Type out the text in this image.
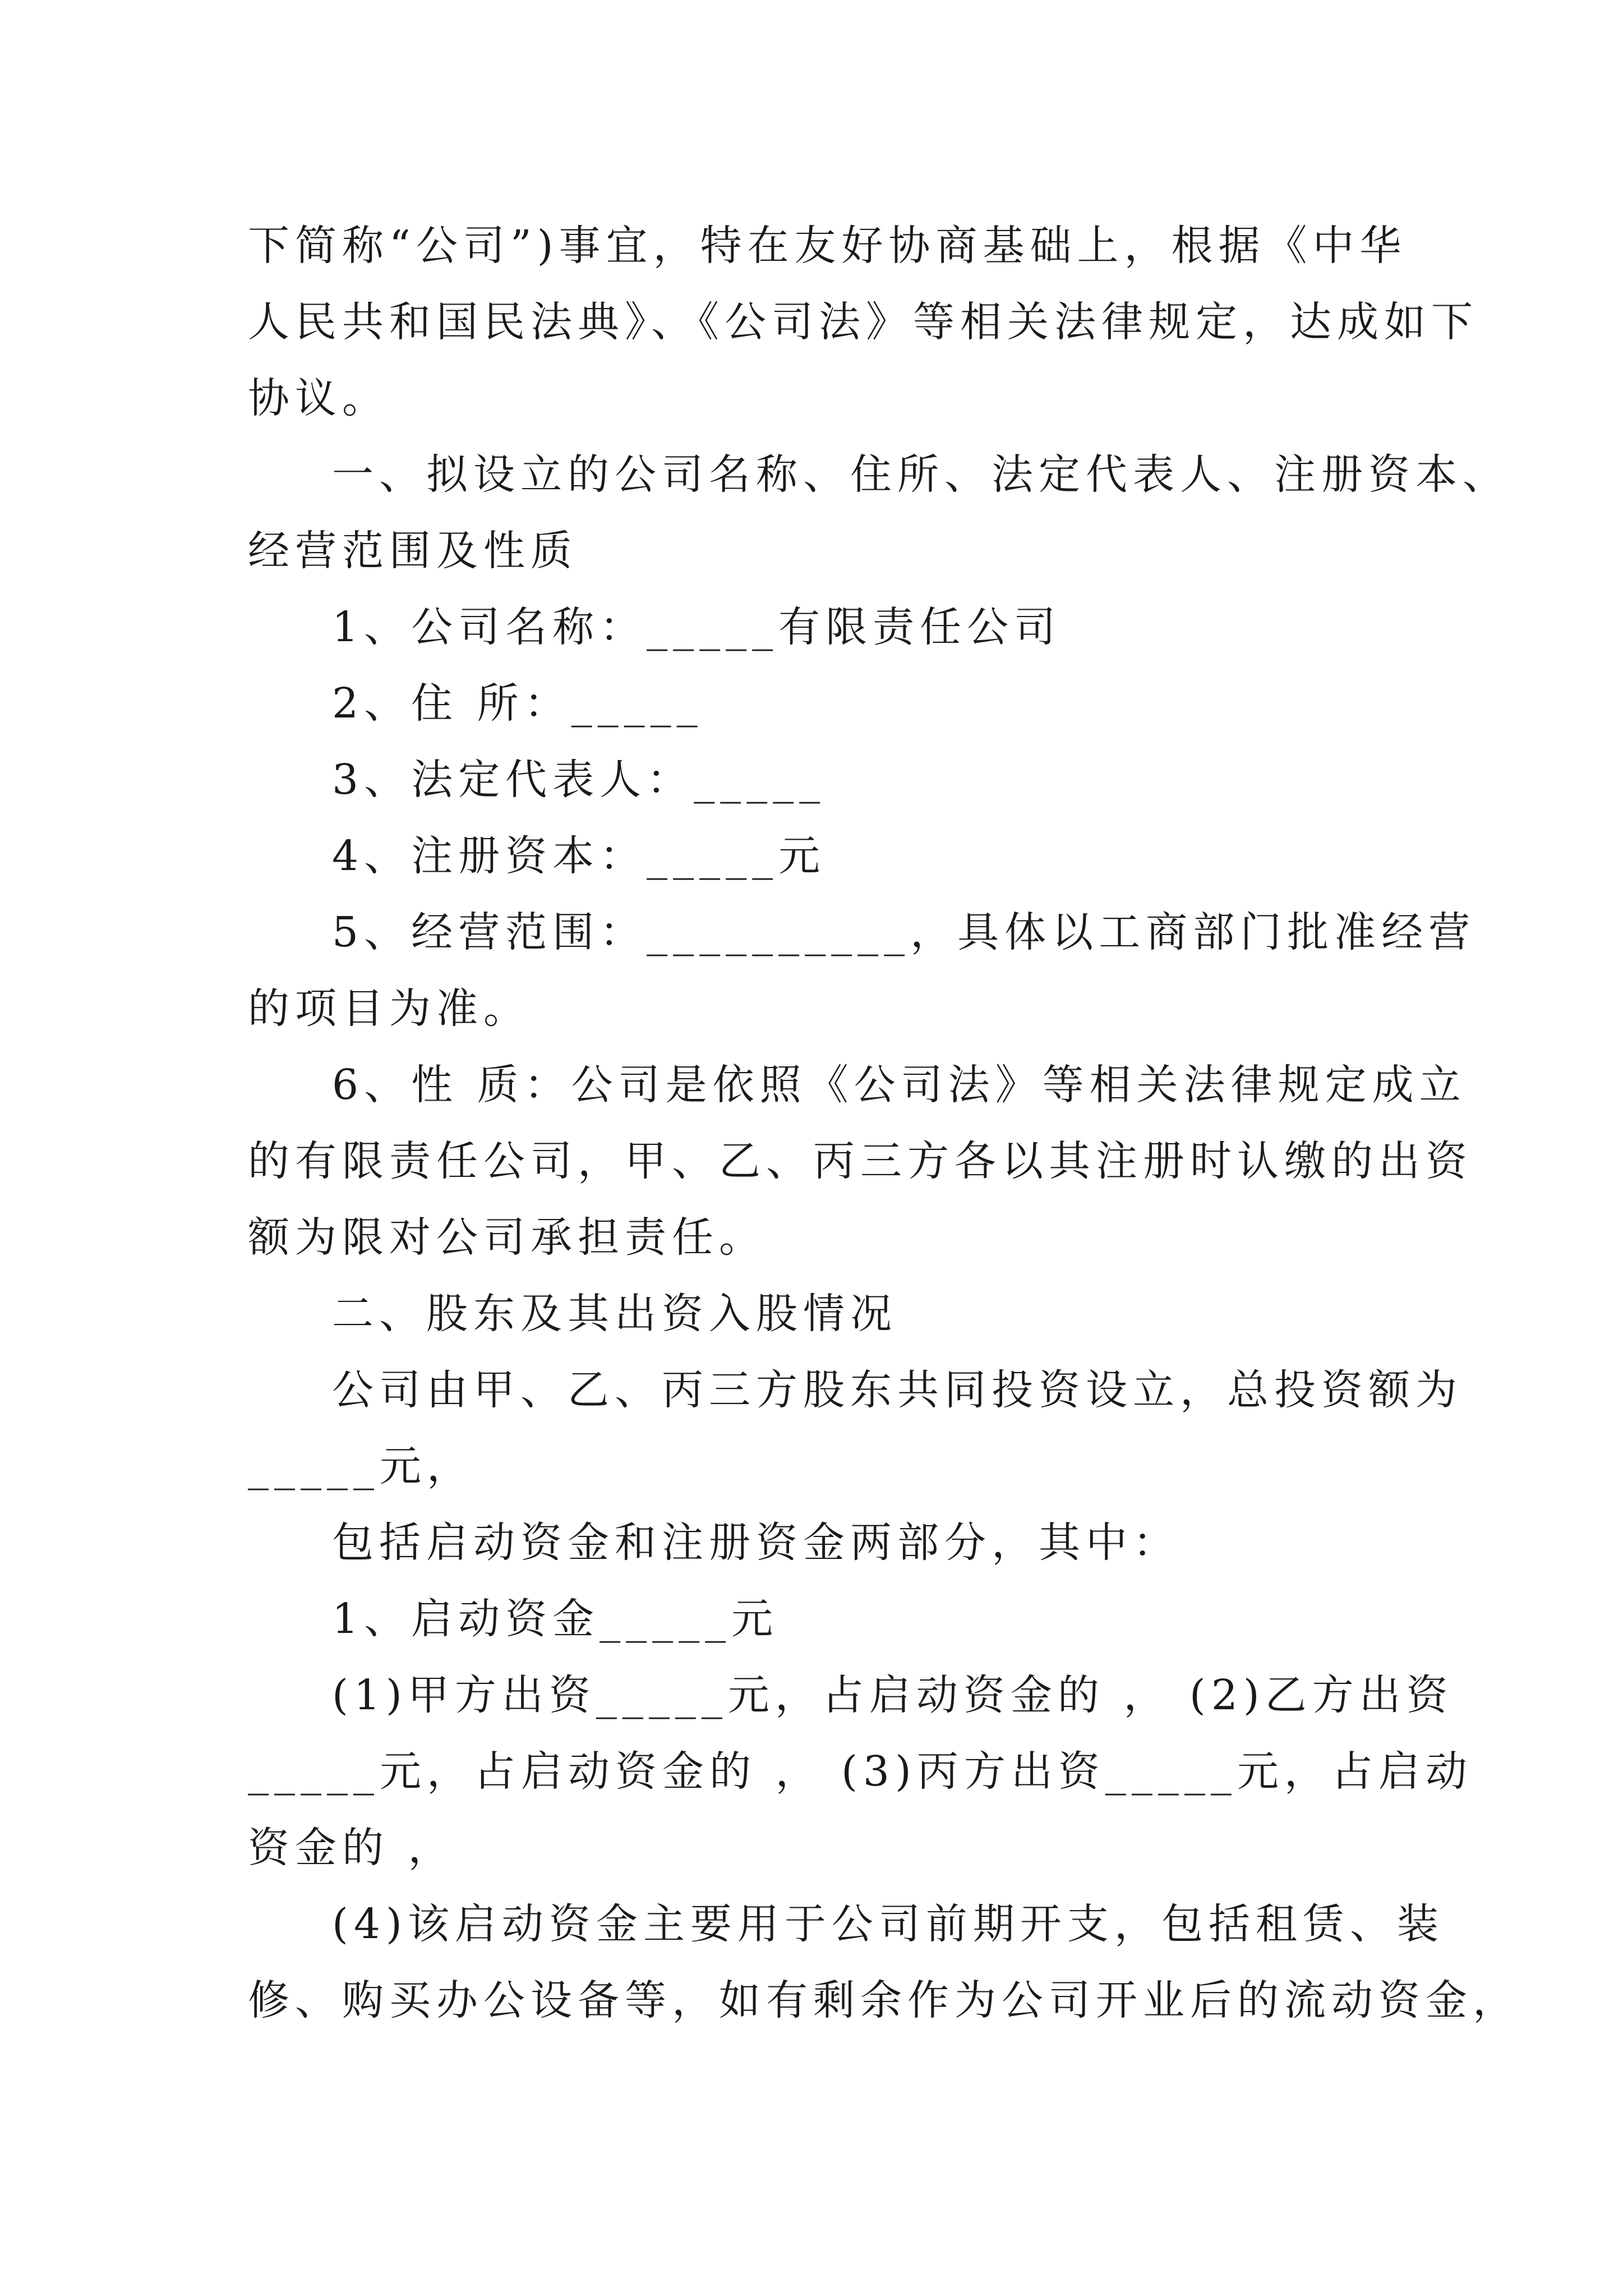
下简称“公司”)事宜，特在友好协商基础上，根据《中华
人民共和国民法典》、《公司法》等相关法律规定，达成如下
协议。
一、拟设立的公司名称、住所、法定代表人、注册资本、
经营范围及性质
1、公司名称：_____有限责任公司
2、住 所：_____
3、法定代表人：_____
4、注册资本：_____元
5、经营范围：__________，具体以工商部门批准经营
的项目为准。
6、性 质：公司是依照《公司法》等相关法律规定成立
的有限责任公司，甲、乙、丙三方各以其注册时认缴的出资
额为限对公司承担责任。
二、股东及其出资入股情况
公司由甲、乙、丙三方股东共同投资设立，总投资额为
_____元，
包括启动资金和注册资金两部分，其中：
1、启动资金_____元
(1)甲方出资_____元，占启动资金的 ， (2)乙方出资
_____元，占启动资金的 ， (3)丙方出资_____元，占启动
资金的 ，
(4)该启动资金主要用于公司前期开支，包括租赁、装
修、购买办公设备等，如有剩余作为公司开业后的流动资金，
